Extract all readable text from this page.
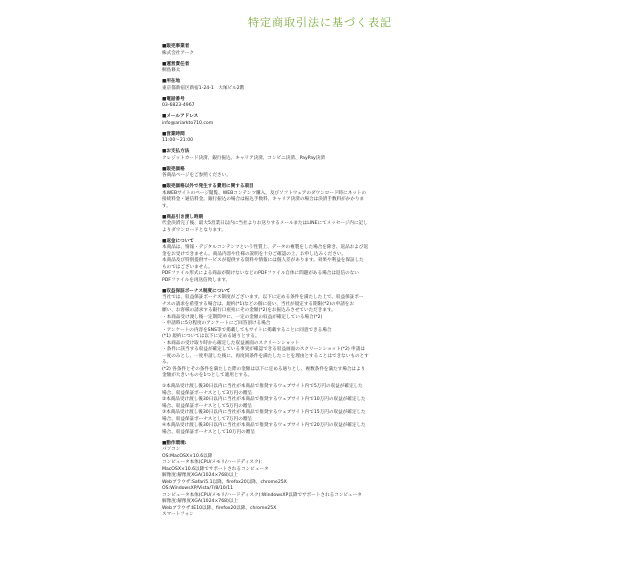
特定商取引法に基づく表記
■販売事業者

株式会社アーク

■運営責任者

桐島修太

■所在地

東京都新宿区新宿1-24-1　大塚ビル2階

■電話番号

03-6823-4967

■メールアドレス

info@ariarkto710.com

■営業時間

11:00～21:00

■お支払方法

クレジットカード決済、銀行振込、キャリア決済、コンビニ決済、PayPay決済

■販売価格

各商品ページをご参照ください。

■販売価格以外で発生する費用に関する項目

本WEBサイトのページ閲覧、WEBコンテンツ購入、及びソフトウェアのダウンロード時にネットの

接続料金・通信料金。銀行振込の場合は振込手数料、キャリア決済の場合は決済手数料がかかりま

す。

■商品引き渡し時期

代金決済完了後、最大5営業日以内に当社よりお送りするメールまたはLINEにてメッセージ内に記し

よりダウンロードとなります。

■返金について

本商品は、情報・デジタルコンテンツという性質上、データの複製をした場合を除き、返品および返

金をお受けできません。商品内容や仕様の説明を十分ご確認の上、お申し込みください。

本商品及び特別提供サービスが提供する資料や情報には個人差があります。効果や利益を保証した

ものではございません。

PDFファイル形式による商品が開けないなどのPDFファイル自体に問題がある場合は返信のない

PDFファイルを再送信致します。

■収益保証ボーナス制度について

当社では、収益保証ボーナス制度がございます。以下に定める条件を満たした上で、収益保証ボー

ナスの請求を希望する場合は、規約(*1)などの個に従い、当社が規定する期限(*2)の申請をお

願い、お客様の請求する銀行口座宛にその金額(*2)をお振込みさせていただきます。

・本商品受け渡し後一定期間中に、一定の金額の収益が確定している場合(*2)

・申請時に5分程度のアンケートにご回答頂ける場合

・アンケートの内容をSNS等で掲載してもサイトに掲載することに同意できる場合

(*1) 規約については以下に定める通りとする。

・本商品の受け取り時から確定した収益画面のスクリーンショット

・条件に該当する収益が確定している事実が確認できる収益画面のスクリーンショット(*2) 申請は

一度のみとし、一度申請した後に、再度同条件を満たしたことを理由とすることはできないものとす

る。

(*2) 各条件とその条件を満たした際の金額は以下に定める通りとし、複数条件を満たす場合はより

金額が大きいものを1つとして適用とする。

①本商品受け渡し後30日以内に当社が本商品で推奨するウェブサイト内で5万円の収益が確定した

場合、収益保証ボーナスとして3万円の贈呈

②本商品受け渡し後30日以内に当社が本商品で推奨するウェブサイト内で10万円の収益が確定した

場合、収益保証ボーナスとして5万円の贈呈

③本商品受け渡し後30日以内に当社が本商品で推奨するウェブサイト内で15万円の収益が確定した

場合、収益保証ボーナスとして7万円の贈呈

④本商品受け渡し後30日以内に当社が本商品で推奨するウェブサイト内で20万円の収益が確定した

場合、収益保証ボーナスとして10万円の贈呈

■動作環境:

パソコン

OS:MacOSX×10.6以降

コンピュータ本体(CPU/メモリ/ハードディスク):

MacOSX×10.6以降でサポートされるコンピュータ

解像度:解像度XGA(1024×768)以上

Webブラウザ:Safari5.1以降、firefox20以降、chrome25X

OS:WindowsXP/Vista/7/8/10/11

コンピュータ本体(CPU/メモリ/ハードディスク):WindowsXP以降でサポートされるコンピュータ

解像度:解像度XGA(1024×768)以上

Webブラウザ:IE10以降、firefox20以降、chrome25X

スマートフォン
